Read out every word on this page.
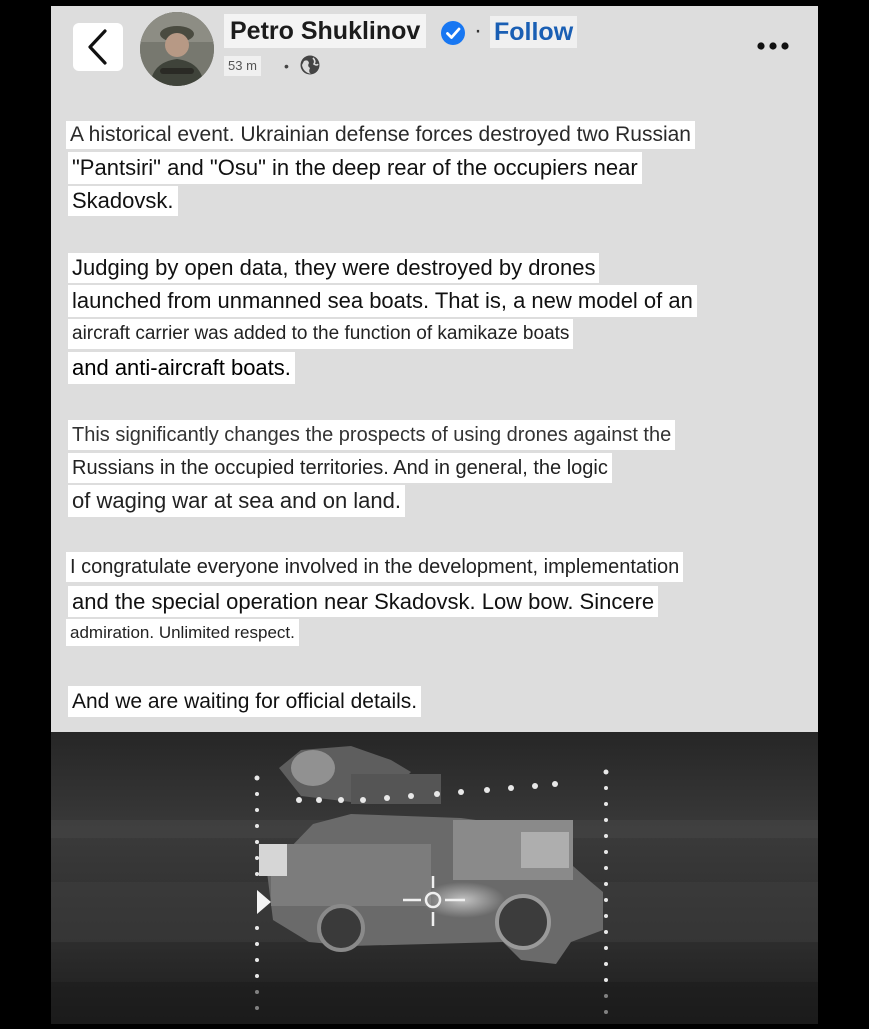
Petro Shuklinov · Follow
53 m •
A historical event. Ukrainian defense forces destroyed two Russian
"Pantsiri" and "Osu" in the deep rear of the occupiers near
Skadovsk.
Judging by open data, they were destroyed by drones
launched from unmanned sea boats. That is, a new model of an
aircraft carrier was added to the function of kamikaze boats
and anti-aircraft boats.
This significantly changes the prospects of using drones against the
Russians in the occupied territories. And in general, the logic
of waging war at sea and on land.
I congratulate everyone involved in the development, implementation
and the special operation near Skadovsk. Low bow. Sincere
admiration. Unlimited respect.
And we are waiting for official details.
